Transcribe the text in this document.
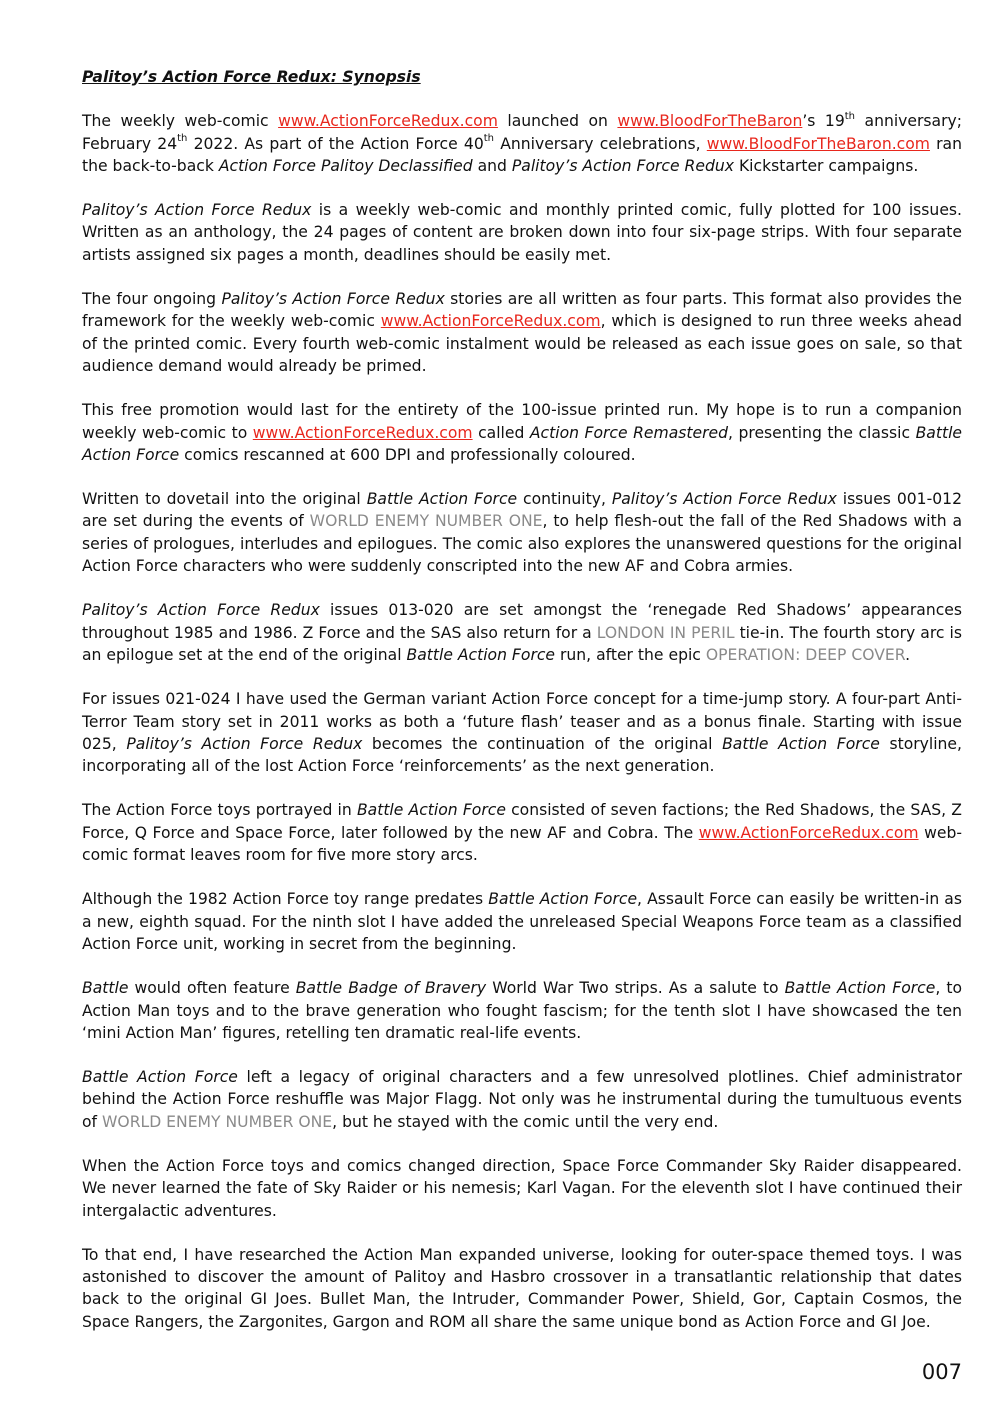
Palitoy’s Action Force Redux: Synopsis

The weekly web-comic www.ActionForceRedux.com launched on www.BloodForTheBaron’s 19th anniversary; February 24th 2022. As part of the Action Force 40th Anniversary celebrations, www.BloodForTheBaron.com ran the back-to-back Action Force Palitoy Declassified and Palitoy’s Action Force Redux Kickstarter campaigns.

Palitoy’s Action Force Redux is a weekly web-comic and monthly printed comic, fully plotted for 100 issues. Written as an anthology, the 24 pages of content are broken down into four six-page strips. With four separate artists assigned six pages a month, deadlines should be easily met.

The four ongoing Palitoy’s Action Force Redux stories are all written as four parts. This format also provides the framework for the weekly web-comic www.ActionForceRedux.com, which is designed to run three weeks ahead of the printed comic. Every fourth web-comic instalment would be released as each issue goes on sale, so that audience demand would already be primed.

This free promotion would last for the entirety of the 100-issue printed run. My hope is to run a companion weekly web-comic to www.ActionForceRedux.com called Action Force Remastered, presenting the classic Battle Action Force comics rescanned at 600 DPI and professionally coloured.

Written to dovetail into the original Battle Action Force continuity, Palitoy’s Action Force Redux issues 001-012 are set during the events of WORLD ENEMY NUMBER ONE, to help flesh-out the fall of the Red Shadows with a series of prologues, interludes and epilogues. The comic also explores the unanswered questions for the original Action Force characters who were suddenly conscripted into the new AF and Cobra armies.

Palitoy’s Action Force Redux issues 013-020 are set amongst the ‘renegade Red Shadows’ appearances throughout 1985 and 1986. Z Force and the SAS also return for a LONDON IN PERIL tie-in. The fourth story arc is an epilogue set at the end of the original Battle Action Force run, after the epic OPERATION: DEEP COVER.

For issues 021-024 I have used the German variant Action Force concept for a time-jump story. A four-part Anti-Terror Team story set in 2011 works as both a ‘future flash’ teaser and as a bonus finale. Starting with issue 025, Palitoy’s Action Force Redux becomes the continuation of the original Battle Action Force storyline, incorporating all of the lost Action Force ‘reinforcements’ as the next generation.

The Action Force toys portrayed in Battle Action Force consisted of seven factions; the Red Shadows, the SAS, Z Force, Q Force and Space Force, later followed by the new AF and Cobra. The www.ActionForceRedux.com web-comic format leaves room for five more story arcs.

Although the 1982 Action Force toy range predates Battle Action Force, Assault Force can easily be written-in as a new, eighth squad. For the ninth slot I have added the unreleased Special Weapons Force team as a classified Action Force unit, working in secret from the beginning.

Battle would often feature Battle Badge of Bravery World War Two strips. As a salute to Battle Action Force, to Action Man toys and to the brave generation who fought fascism; for the tenth slot I have showcased the ten ‘mini Action Man’ figures, retelling ten dramatic real-life events.

Battle Action Force left a legacy of original characters and a few unresolved plotlines. Chief administrator behind the Action Force reshuffle was Major Flagg. Not only was he instrumental during the tumultuous events of WORLD ENEMY NUMBER ONE, but he stayed with the comic until the very end.

When the Action Force toys and comics changed direction, Space Force Commander Sky Raider disappeared. We never learned the fate of Sky Raider or his nemesis; Karl Vagan. For the eleventh slot I have continued their intergalactic adventures.

To that end, I have researched the Action Man expanded universe, looking for outer-space themed toys. I was astonished to discover the amount of Palitoy and Hasbro crossover in a transatlantic relationship that dates back to the original GI Joes. Bullet Man, the Intruder, Commander Power, Shield, Gor, Captain Cosmos, the Space Rangers, the Zargonites, Gargon and ROM all share the same unique bond as Action Force and GI Joe.

007
